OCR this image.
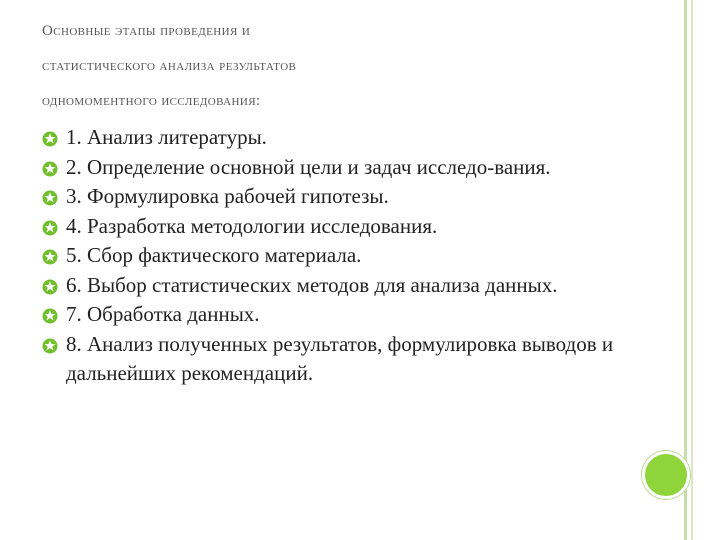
Основные этапы проведения и
статистического анализа результатов
одномоментного исследования:
1. Анализ литературы.
2. Определение основной цели и задач исследо-вания.
3. Формулировка рабочей гипотезы.
4. Разработка методологии исследования.
5. Сбор фактического материала.
6. Выбор статистических методов для анализа данных.
7. Обработка данных.
8. Анализ полученных результатов, формулировка выводов и дальнейших рекомендаций.
